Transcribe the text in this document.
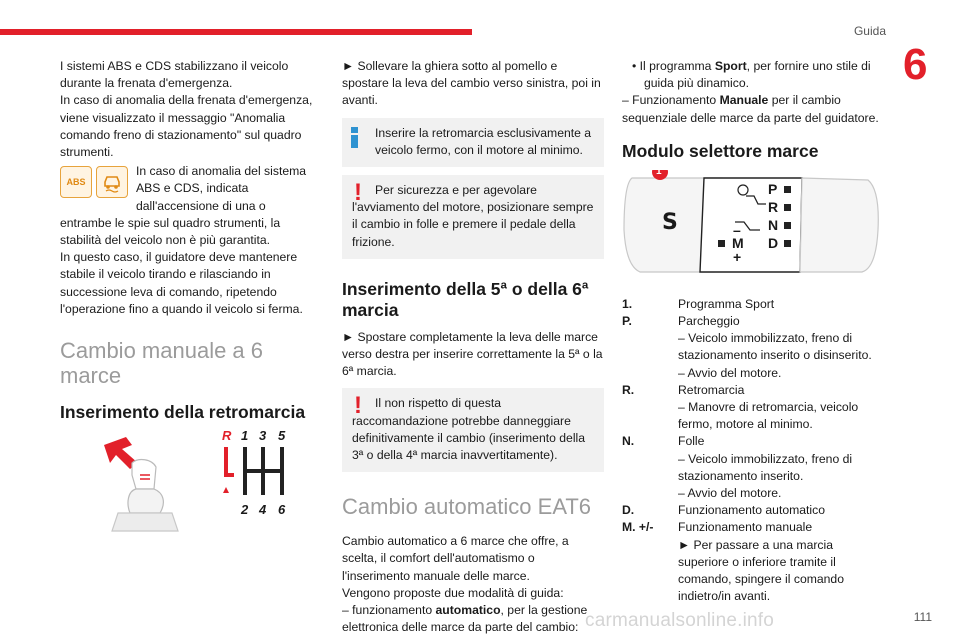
Guida
6

I sistemi ABS e CDS stabilizzano il veicolo durante la frenata d'emergenza.

In caso di anomalia della frenata d'emergenza, viene visualizzato il messaggio "Anomalia comando freno di stazionamento" sul quadro strumenti.

ABS

In caso di anomalia del sistema ABS e CDS, indicata dall'accensione di una o entrambe le spie sul quadro strumenti, la stabilità del veicolo non è più garantita.

In questo caso, il guidatore deve mantenere stabile il veicolo tirando e rilasciando in successione leva di comando, ripetendo l'operazione fino a quando il veicolo si ferma.

Cambio manuale a 6 marce
Inserimento della retromarcia
R 1 3 5
2 4 6

► Sollevare la ghiera sotto al pomello e spostare la leva del cambio verso sinistra, poi in avanti.

Inserire la retromarcia esclusivamente a veicolo fermo, con il motore al minimo.

!	Per sicurezza e per agevolare l'avviamento del motore, posizionare sempre il cambio in folle e premere il pedale della frizione.

Inserimento della 5ª o della 6ª marcia

► Spostare completamente la leva delle marce verso destra per inserire correttamente la 5ª o la 6ª marcia.

!	Il non rispetto di questa raccomandazione potrebbe danneggiare definitivamente il cambio (inserimento della 3ª o della 4ª marcia inavvertitamente).

Cambio automatico EAT6

Cambio automatico a 6 marce che offre, a scelta, il comfort dell'automatismo o l'inserimento manuale delle marce.

Vengono proposte due modalità di guida:

– funzionamento automatico, per la gestione elettronica delle marce da parte del cambio:

• Il programma Sport, per fornire uno stile di guida più dinamico.

– Funzionamento Manuale per il cambio sequenziale delle marce da parte del guidatore.

Modulo selettore marce
1
S
P
R
N
D
–
M
+
1.	Programma Sport
P.	Parcheggio
– Veicolo immobilizzato, freno di stazionamento inserito o disinserito.
– Avvio del motore.
R.	Retromarcia
– Manovre di retromarcia, veicolo fermo, motore al minimo.
N.	Folle
– Veicolo immobilizzato, freno di stazionamento inserito.
– Avvio del motore.
D.	Funzionamento automatico
M. +/-	Funzionamento manuale
► Per passare a una marcia superiore o inferiore tramite il comando, spingere il comando indietro/in avanti.
carmanualsonline.info	111
